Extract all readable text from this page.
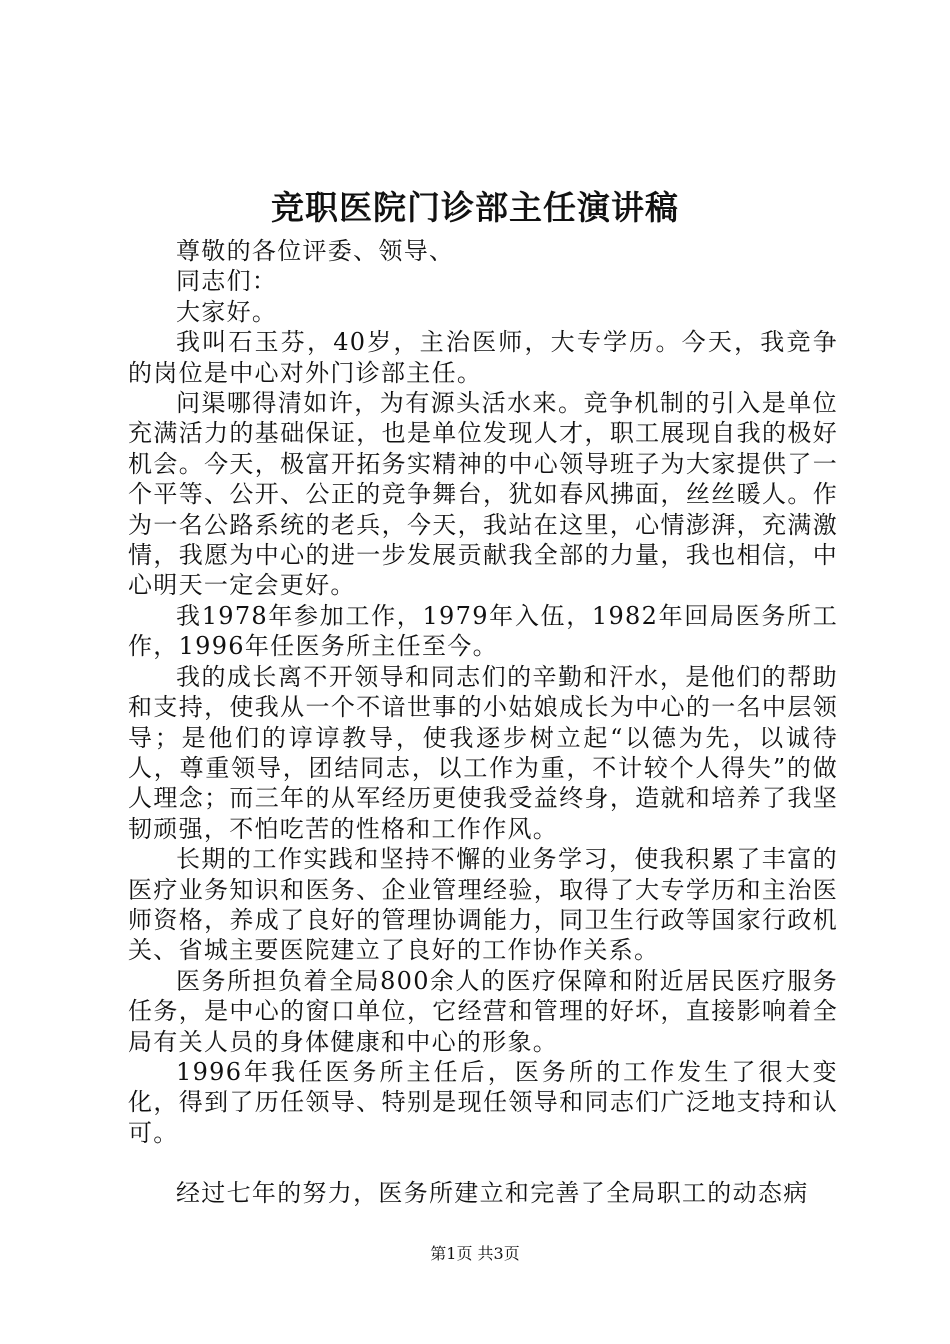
竞职医院门诊部主任演讲稿

尊敬的各位评委、领导、

同志们：

大家好。

我叫石玉芬，40岁，主治医师，大专学历。今天，我竞争的岗位是中心对外门诊部主任。

问渠哪得清如许，为有源头活水来。竞争机制的引入是单位充满活力的基础保证，也是单位发现人才，职工展现自我的极好机会。今天，极富开拓务实精神的中心领导班子为大家提供了一个平等、公开、公正的竞争舞台，犹如春风拂面，丝丝暖人。作为一名公路系统的老兵，今天，我站在这里，心情澎湃，充满激情，我愿为中心的进一步发展贡献我全部的力量，我也相信，中心明天一定会更好。

我1978年参加工作，1979年入伍，1982年回局医务所工作，1996年任医务所主任至今。

我的成长离不开领导和同志们的辛勤和汗水，是他们的帮助和支持，使我从一个不谙世事的小姑娘成长为中心的一名中层领导；是他们的谆谆教导，使我逐步树立起“以德为先，以诚待人，尊重领导，团结同志，以工作为重，不计较个人得失”的做人理念；而三年的从军经历更使我受益终身，造就和培养了我坚韧顽强，不怕吃苦的性格和工作作风。

长期的工作实践和坚持不懈的业务学习，使我积累了丰富的医疗业务知识和医务、企业管理经验，取得了大专学历和主治医师资格，养成了良好的管理协调能力，同卫生行政等国家行政机关、省城主要医院建立了良好的工作协作关系。

医务所担负着全局800余人的医疗保障和附近居民医疗服务任务，是中心的窗口单位，它经营和管理的好坏，直接影响着全局有关人员的身体健康和中心的形象。

1996年我任医务所主任后，医务所的工作发生了很大变化，得到了历任领导、特别是现任领导和同志们广泛地支持和认可。

经过七年的努力，医务所建立和完善了全局职工的动态病

第1页 共3页
